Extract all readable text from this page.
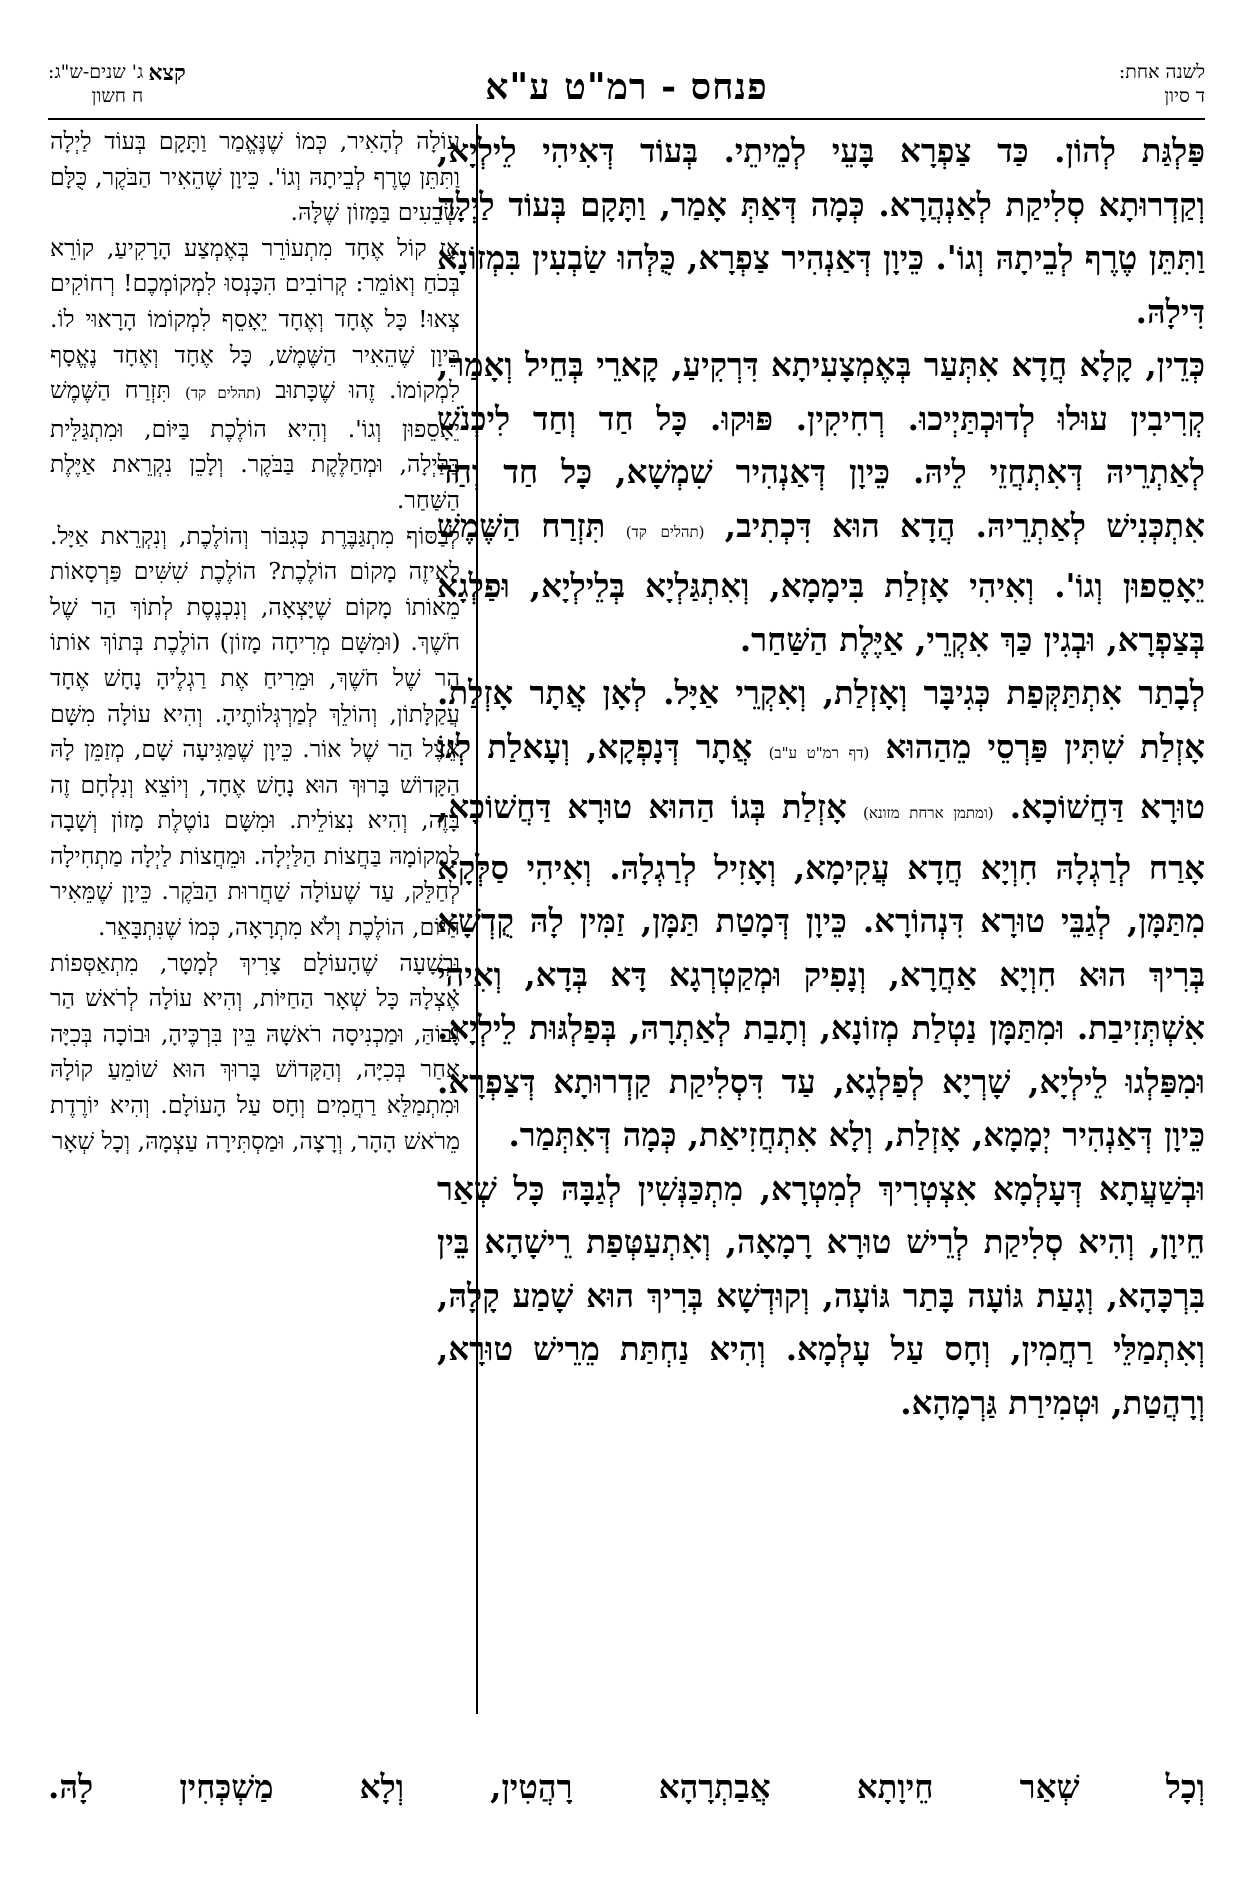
לשנה אחת:
ד סיון
פנחס - רמ"ט ע"א
קצא
ג' שנים-ש"ג:
ח חשון

פַּלְגַּת לְהוֹן. כַּד צַפְרָא בָּעֵי לְמֵיתֵי. בְּעוֹד דְּאִיהִי לֵילְיָא, וְקַדְרוּתָא סְלִיקַת לְאַנְהֲרָא. כְּמָה דְּאַתְּ אָמַר, וַתָּקָם בְּעוֹד לַיְלָה וַתִּתֵּן טֶרֶף לְבֵיתָהּ וְגוֹ'. כֵּיוָן דְּאַנְהִיר צַפְרָא, כֻּלְּהוּ שַׂבְעִין בִּמְזוֹנָא דִּילָהּ.

כְּדֵין, קָלָא חֲדָא אִתְּעַר בְּאֶמְצָעִיתָא דִּרְקִיעַ, קָארֵי בְּחֵיל וְאָמַר, קְרִיבִין עוּלוּ לְדוּכְתַּיְיכוּ. רְחִיקִין. פּוּקוּ. כָּל חַד וְחַד לִיכְנֹשׁ לְאַתְרֵיהּ דְּאִתְחֲזֵי לֵיהּ. כֵּיוָן דְּאַנְהִיר שִׁמְשָׁא, כָּל חַד וְחַד אִתְכְּנִישׁ לְאַתְרֵיהּ. הֲדָא הוּא דִּכְתִיב, (תהלים קד) תִּזְרַח הַשֶּׁמֶשׁ יֵאָסֵפוּן וְגוֹ'. וְאִיהִי אָזְלַת בִּימָמָא, וְאִתְגַּלְיָא בְּלֵילְיָא, וּפַלְגָא בְּצַפְרָא, וּבְגִין כַּךְ אִקְרֵי, אַיֶּלֶת הַשַּׁחַר.

לְבָתַר אִתְתַּקְּפַת כְּגִיבָּר וְאָזְלַת, וְאִקְרֵי אַיָּל. לְאָן אֲתָר אָזְלַת. אָזְלַת שִׁתִּין פַּרְסֵי מֵהַהוּא (דף רמ"ט ע"ב) אֲתָר דְּנָפְקָא, וְעָאלַת לְגוֹ טוּרָא דַּחֲשׁוֹכָא. (ומתמן ארחת מזונא) אָזְלַת בְּגוֹ הַהוּא טוּרָא דַּחֲשׁוֹכָא, אָרַח לְרַגְלָהּ חִוְיָא חֲדָא עֲקִימָא, וְאָזִיל לְרַגְלָהּ. וְאִיהִי סַלְּקָא מִתַּמָּן, לְגַבֵּי טוּרָא דִּנְהוֹרָא. כֵּיוָן דְּמָטַת תַּמָּן, זַמִּין לָהּ קֻדְשָׁא בְּרִיךְ הוּא חִוְיָא אַחֲרָא, וְנָפִיק וּמְקַטְרְגָא דָּא בְּדָא, וְאִיהִי אִשְׁתְּזִיבַת. וּמִתַּמָּן נַטְלַת מְזוֹנָא, וְתָבַת לְאַתְרָהּ, בְּפַלְגּוּת לֵילְיָא. וּמִפַּלְגוּ לֵילְיָא, שָׁרְיָא לְפַלְגָא, עַד דִּסְלִיקַת קַדְרוּתָא דְּצַפְרָא. כֵּיוָן דְּאַנְהִיר יְמָמָא, אָזְלַת, וְלָא אִתְחֲזִיאַת, כְּמָה דְּאִתְּמַר.

וּבְשַׁעֲתָא דְּעָלְמָא אִצְטְרִיךְ לְמִטְרָא, מִתְכַּנְּשִׁין לְגַבָּהּ כָּל שְׁאַר חֵיוָן, וְהִיא סְלִיקַת לְרֵישׁ טוּרָא רָמָאָה, וְאִתְעַטְּפַת רֵישָׁהָא בֵּין בִּרְכָּהָא, וְגָעַת גּוֹעָה בָּתַר גּוֹעָה, וְקוּדְשָׁא בְּרִיךְ הוּא שָׁמַע קָלָהּ, וְאִתְמַלֵּי רַחֲמִין, וְחָס עַל עָלְמָא. וְהִיא נַחְתַּת מֵרֵישׁ טוּרָא, וְרָהֲטַת, וּטְמִירַת גַּרְמָהָא.

עוֹלָה לְהָאִיר, כְּמוֹ שֶׁנֶּאֱמַר וַתָּקָם בְּעוֹד לַיְלָה וַתִּתֵּן טֶרֶף לְבֵיתָהּ וְגוֹ'. כֵּיוָן שֶׁהֵאִיר הַבֹּקֶר, כֻּלָּם שְׂבֵעִים בַּמָּזוֹן שֶׁלָּהּ.

אָז קוֹל אֶחָד מִתְעוֹרֵר בְּאֶמְצַע הָרָקִיעַ, קוֹרֵא בְּכֹחַ וְאוֹמֵר: קְרוֹבִים הִכָּנְסוּ לִמְקוֹמְכֶם! רְחוֹקִים צְאוּ! כָּל אֶחָד וְאֶחָד יֵאָסֵף לִמְקוֹמוֹ הָרָאוּי לוֹ. כֵּיוָן שֶׁהֵאִיר הַשֶּׁמֶשׁ, כָּל אֶחָד וְאֶחָד נֶאֱסָף לִמְקוֹמוֹ. זֶהוּ שֶׁכָּתוּב (תהלים קד) תִּזְרַח הַשֶּׁמֶשׁ יֵאָסֵפוּן וְגוֹ'. וְהִיא הוֹלֶכֶת בַּיּוֹם, וּמִתְגַּלֵּית בַּלַּיְלָה, וּמְחַלֶּקֶת בַּבֹּקֶר. וְלָכֵן נִקְרֵאת אַיֶּלֶת הַשַּׁחַר.

לְבַסּוֹף מִתְגַּבֶּרֶת כְּגִבּוֹר וְהוֹלֶכֶת, וְנִקְרֵאת אַיָּל. לְאֵיזֶה מָקוֹם הוֹלֶכֶת? הוֹלֶכֶת שִׁשִּׁים פַּרְסָאוֹת מֵאוֹתוֹ מָקוֹם שֶׁיָּצְאָה, וְנִכְנֶסֶת לְתוֹךְ הַר שֶׁל חֹשֶׁךְ. (וּמִשָּׁם מְרִיחָה מָזוֹן) הוֹלֶכֶת בְּתוֹךְ אוֹתוֹ הַר שֶׁל חֹשֶׁךְ, וּמֵרִיחַ אֶת רַגְלֶיהָ נָחָשׁ אֶחָד עֲקַלָּתוֹן, וְהוֹלֵךְ לְמַרְגְּלוֹתֶיהָ. וְהִיא עוֹלָה מִשָּׁם אֵצֶל הַר שֶׁל אוֹר. כֵּיוָן שֶׁמַּגִּיעָה שָׁם, מְזַמֵּן לָהּ הַקָּדוֹשׁ בָּרוּךְ הוּא נָחָשׁ אֶחָד, וְיוֹצֵא וְנִלְחָם זֶה בָּזֶה, וְהִיא נִצּוֹלֵית. וּמִשָּׁם נוֹטֶלֶת מָזוֹן וְשָׁבָה לִמְקוֹמָהּ בַּחֲצוֹת הַלַּיְלָה. וּמֵחֲצוֹת לַיְלָה מַתְחִילָה לְחַלֵּק, עַד שֶׁעוֹלָה שַׁחֲרוּת הַבֹּקֶר. כֵּיוָן שֶׁמֵּאִיר הַיּוֹם, הוֹלֶכֶת וְלֹא מִתְרָאָה, כְּמוֹ שֶׁנִּתְבָּאֵר.

וּבְשָׁעָה שֶׁהָעוֹלָם צָרִיךְ לְמָטָר, מִתְאַסְּפוֹת אֶצְלָהּ כָּל שְׁאָר הַחַיּוֹת, וְהִיא עוֹלָה לְרֹאשׁ הַר גָּבוֹהַּ, וּמַכְנִיסָה רֹאשָׁהּ בֵּין בִּרְכֶּיהָ, וּבוֹכָה בְּכִיָּה אַחַר בְּכִיָּה, וְהַקָּדוֹשׁ בָּרוּךְ הוּא שׁוֹמֵעַ קוֹלָהּ וּמִתְמַלֵּא רַחֲמִים וְחָס עַל הָעוֹלָם. וְהִיא יוֹרֶדֶת מֵרֹאשׁ הָהָר, וְרָצָה, וּמַסְתִּירָה עַצְמָהּ, וְכָל שְׁאָר

וְכָל שְׁאַר חֵיוָתָא אֲבַתְרָהָא רָהֲטִין, וְלָא מַשְׁכְּחִין לָהּ.
